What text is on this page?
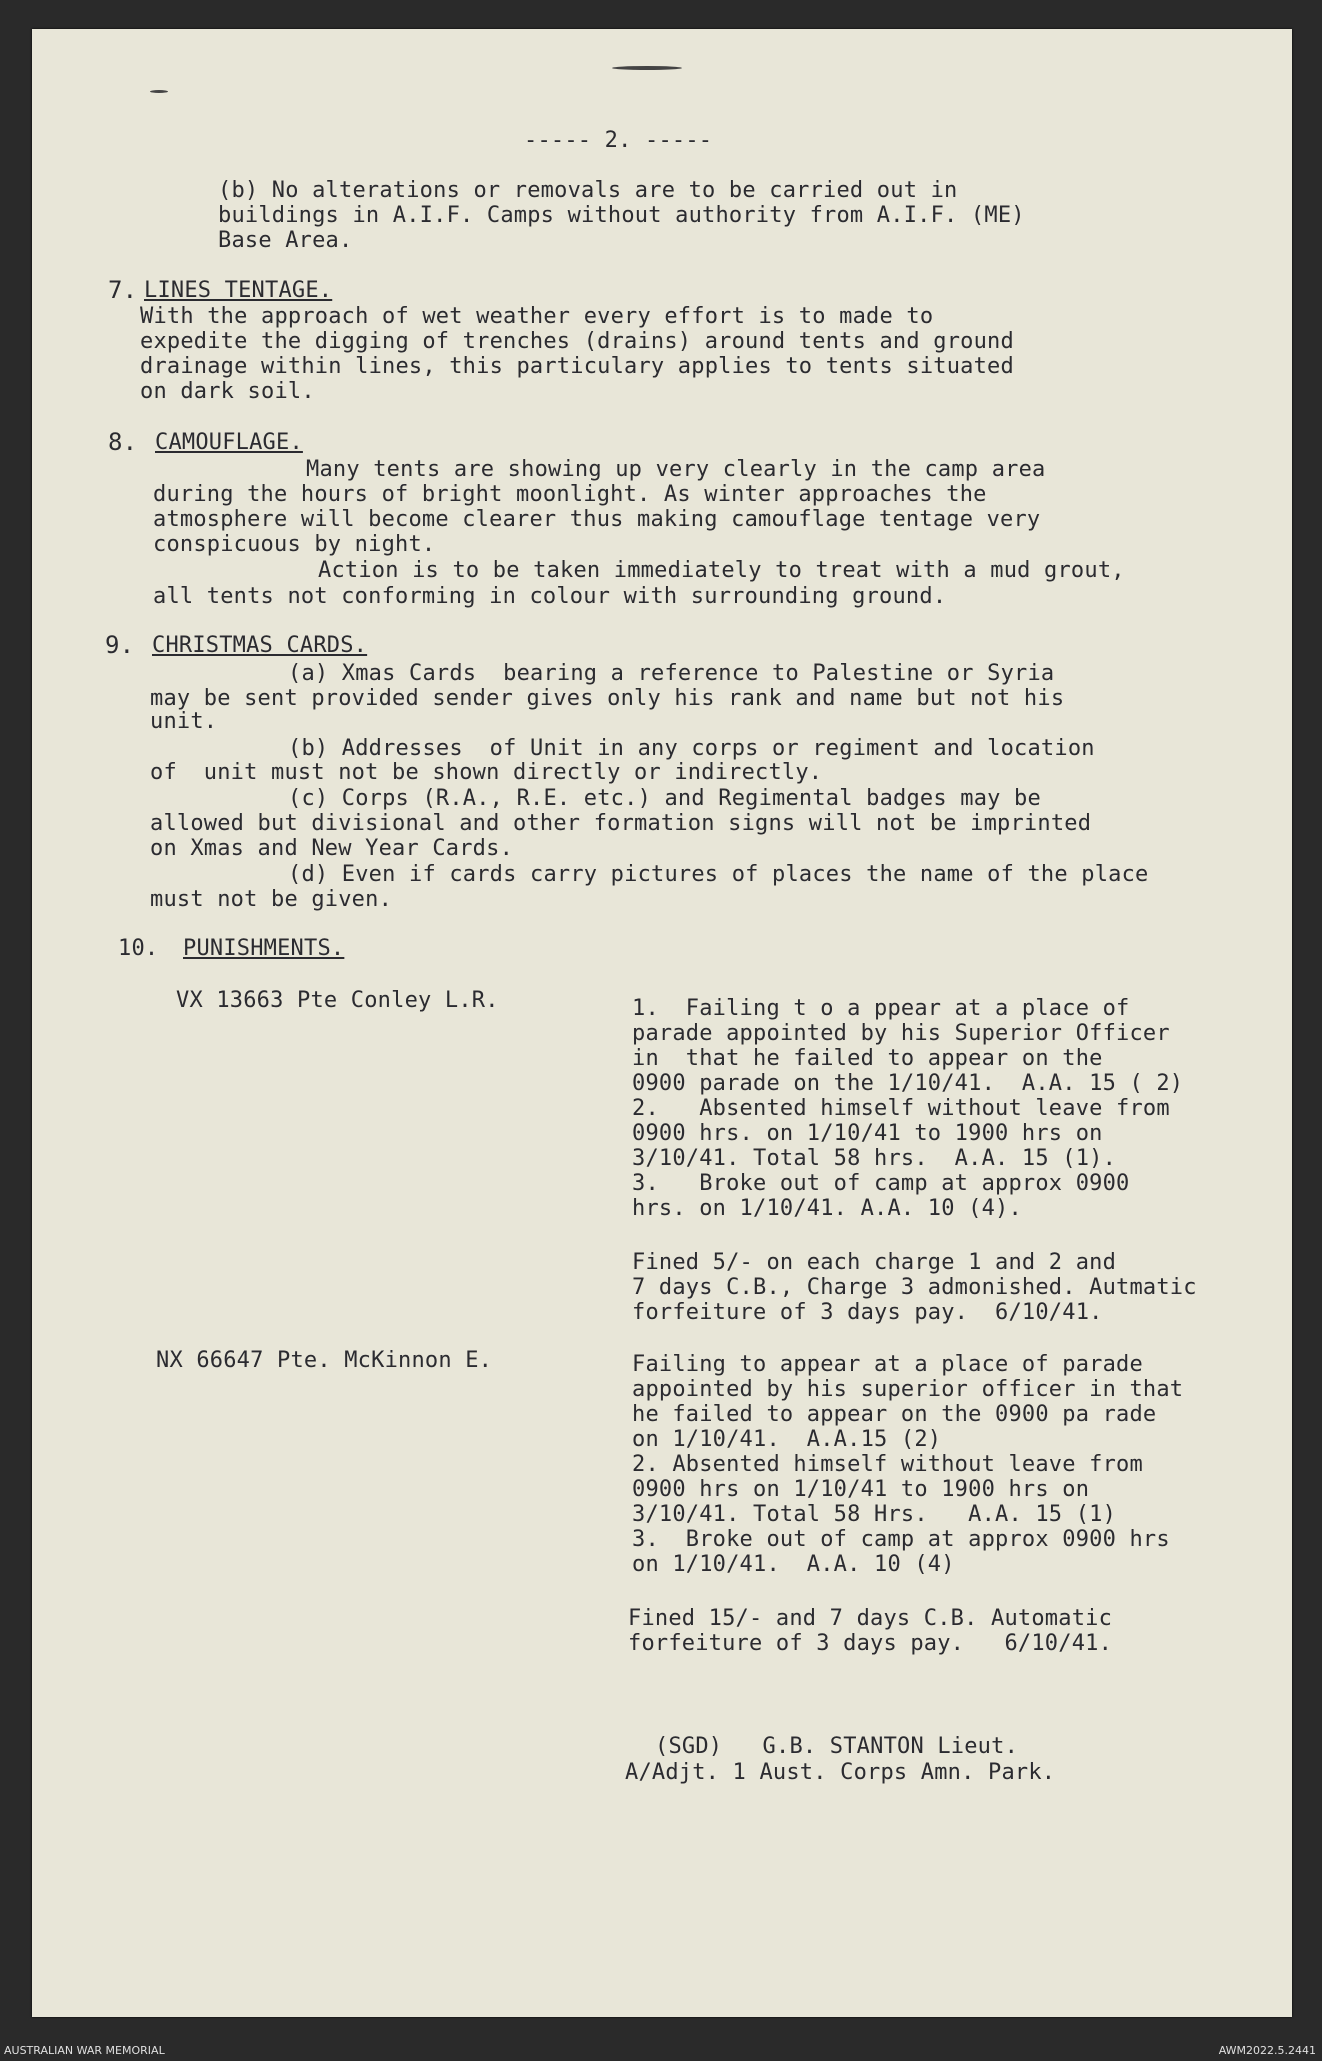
----- 2. -----
(b) No alterations or removals are to be carried out in
buildings in A.I.F. Camps without authority from A.I.F. (ME)
Base Area.
7. LINES TENTAGE.
With the approach of wet weather every effort is to made to
expedite the digging of trenches (drains) around tents and ground
drainage within lines, this particulary applies to tents situated
on dark soil.
8. CAMOUFLAGE.
Many tents are showing up very clearly in the camp area
during the hours of bright moonlight. As winter approaches the
atmosphere will become clearer thus making camouflage tentage very
conspicuous by night.
Action is to be taken immediately to treat with a mud grout,
all tents not conforming in colour with surrounding ground.
9. CHRISTMAS CARDS.
(a) Xmas Cards  bearing a reference to Palestine or Syria
may be sent provided sender gives only his rank and name but not his
unit.
(b) Addresses  of Unit in any corps or regiment and location
of  unit must not be shown directly or indirectly.
(c) Corps (R.A., R.E. etc.) and Regimental badges may be
allowed but divisional and other formation signs will not be imprinted
on Xmas and New Year Cards.
(d) Even if cards carry pictures of places the name of the place
must not be given.
10. PUNISHMENTS.
VX 13663 Pte Conley L.R.	1.  Failing t o a ppear at a place of
parade appointed by his Superior Officer
in  that he failed to appear on the
0900 parade on the 1/10/41.  A.A. 15 ( 2)
2.   Absented himself without leave from
0900 hrs. on 1/10/41 to 1900 hrs on
3/10/41. Total 58 hrs.  A.A. 15 (1).
3.   Broke out of camp at approx 0900
hrs. on 1/10/41. A.A. 10 (4).
Fined 5/- on each charge 1 and 2 and
7 days C.B., Charge 3 admonished. Autmatic
forfeiture of 3 days pay.  6/10/41.
NX 66647 Pte. McKinnon E.	Failing to appear at a place of parade
appointed by his superior officer in that
he failed to appear on the 0900 pa rade
on 1/10/41.  A.A.15 (2)
2. Absented himself without leave from
0900 hrs on 1/10/41 to 1900 hrs on
3/10/41. Total 58 Hrs.   A.A. 15 (1)
3.  Broke out of camp at approx 0900 hrs
on 1/10/41.  A.A. 10 (4)
Fined 15/- and 7 days C.B. Automatic
forfeiture of 3 days pay.   6/10/41.
(SGD)   G.B. STANTON Lieut.
A/Adjt. 1 Aust. Corps Amn. Park.
AUSTRALIAN WAR MEMORIAL	AWM2022.5.2441
